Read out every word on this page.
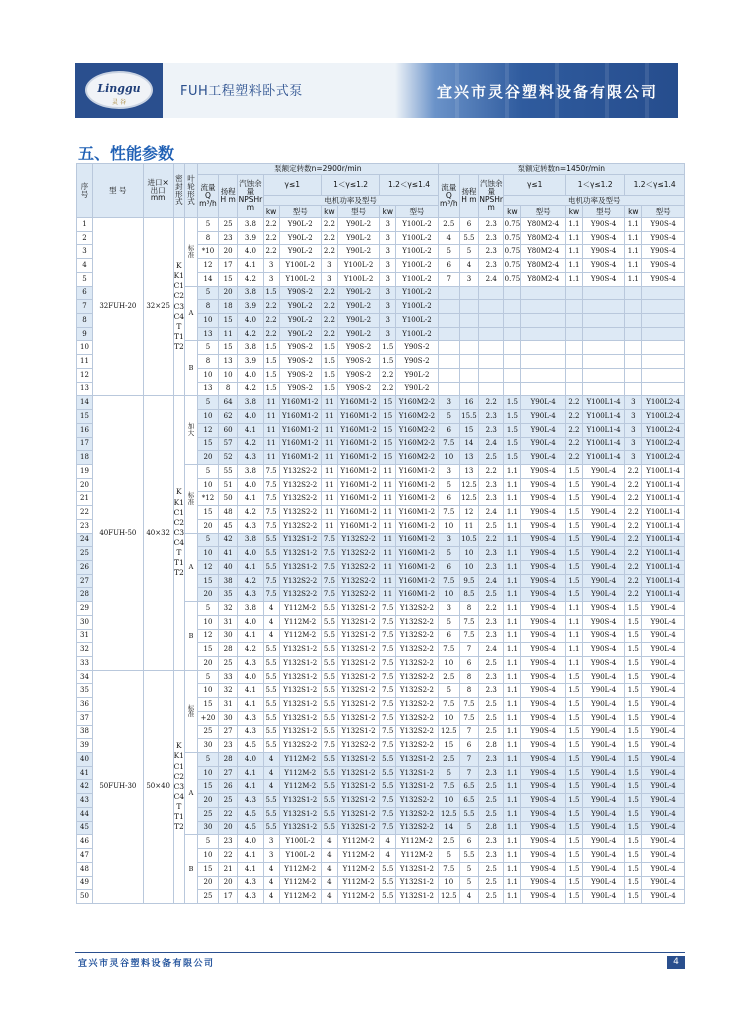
Linggu
灵 谷
FUH工程塑料卧式泵	宜兴市灵谷塑料设备有限公司
五、性能参数
序号	型 号	进口×出口mm	密封形式	叶轮形式	泵额定转数n=2900r/min									泵额定转数n=1450r/min								
					流量Q m³/h	扬程H m	汽蚀余量NPSHr m	γ≤1		1＜γ≤1.2		1.2＜γ≤1.4		流量Q m³/h	扬程H m	汽蚀余量NPSHr m	γ≤1		1＜γ≤1.2		1.2＜γ≤1.4	
								电机功率及型号									电机功率及型号					
								kw	型号	kw	型号	kw	型号				kw	型号	kw	型号	kw	型号
1	32FUH-20	32×25	K K1 C1 C2 C3 C4 T T1 T2	标准	5	25	3.8	2.2	Y90L-2	2.2	Y90L-2	3	Y100L-2	2.5	6	2.3	0.75	Y80M2-4	1.1	Y90S-4	1.1	Y90S-4
2					8	23	3.9	2.2	Y90L-2	2.2	Y90L-2	3	Y100L-2	4	5.5	2.3	0.75	Y80M2-4	1.1	Y90S-4	1.1	Y90S-4
3					*10	20	4.0	2.2	Y90L-2	2.2	Y90L-2	3	Y100L-2	5	5	2.3	0.75	Y80M2-4	1.1	Y90S-4	1.1	Y90S-4
4					12	17	4.1	3	Y100L-2	3	Y100L-2	3	Y100L-2	6	4	2.3	0.75	Y80M2-4	1.1	Y90S-4	1.1	Y90S-4
5					14	15	4.2	3	Y100L-2	3	Y100L-2	3	Y100L-2	7	3	2.4	0.75	Y80M2-4	1.1	Y90S-4	1.1	Y90S-4
6				A	5	20	3.8	1.5	Y90S-2	2.2	Y90L-2	3	Y100L-2									
7					8	18	3.9	2.2	Y90L-2	2.2	Y90L-2	3	Y100L-2									
8					10	15	4.0	2.2	Y90L-2	2.2	Y90L-2	3	Y100L-2									
9					13	11	4.2	2.2	Y90L-2	2.2	Y90L-2	3	Y100L-2									
10				B	5	15	3.8	1.5	Y90S-2	1.5	Y90S-2	1.5	Y90S-2									
11					8	13	3.9	1.5	Y90S-2	1.5	Y90S-2	1.5	Y90S-2									
12					10	10	4.0	1.5	Y90S-2	1.5	Y90S-2	2.2	Y90L-2									
13					13	8	4.2	1.5	Y90S-2	1.5	Y90S-2	2.2	Y90L-2									
14	40FUH-50	40×32	K K1 C1 C2 C3 C4 T T1 T2	加大	5	64	3.8	11	Y160M1-2	11	Y160M1-2	15	Y160M2-2	3	16	2.2	1.5	Y90L-4	2.2	Y100L1-4	3	Y100L2-4
15					10	62	4.0	11	Y160M1-2	11	Y160M1-2	15	Y160M2-2	5	15.5	2.3	1.5	Y90L-4	2.2	Y100L1-4	3	Y100L2-4
16					12	60	4.1	11	Y160M1-2	11	Y160M1-2	15	Y160M2-2	6	15	2.3	1.5	Y90L-4	2.2	Y100L1-4	3	Y100L2-4
17					15	57	4.2	11	Y160M1-2	11	Y160M1-2	15	Y160M2-2	7.5	14	2.4	1.5	Y90L-4	2.2	Y100L1-4	3	Y100L2-4
18					20	52	4.3	11	Y160M1-2	11	Y160M1-2	15	Y160M2-2	10	13	2.5	1.5	Y90L-4	2.2	Y100L1-4	3	Y100L2-4
19				标准	5	55	3.8	7.5	Y132S2-2	11	Y160M1-2	11	Y160M1-2	3	13	2.2	1.1	Y90S-4	1.5	Y90L-4	2.2	Y100L1-4
20					10	51	4.0	7.5	Y132S2-2	11	Y160M1-2	11	Y160M1-2	5	12.5	2.3	1.1	Y90S-4	1.5	Y90L-4	2.2	Y100L1-4
21					*12	50	4.1	7.5	Y132S2-2	11	Y160M1-2	11	Y160M1-2	6	12.5	2.3	1.1	Y90S-4	1.5	Y90L-4	2.2	Y100L1-4
22					15	48	4.2	7.5	Y132S2-2	11	Y160M1-2	11	Y160M1-2	7.5	12	2.4	1.1	Y90S-4	1.5	Y90L-4	2.2	Y100L1-4
23					20	45	4.3	7.5	Y132S2-2	11	Y160M1-2	11	Y160M1-2	10	11	2.5	1.1	Y90S-4	1.5	Y90L-4	2.2	Y100L1-4
24				A	5	42	3.8	5.5	Y132S1-2	7.5	Y132S2-2	11	Y160M1-2	3	10.5	2.2	1.1	Y90S-4	1.5	Y90L-4	2.2	Y100L1-4
25					10	41	4.0	5.5	Y132S1-2	7.5	Y132S2-2	11	Y160M1-2	5	10	2.3	1.1	Y90S-4	1.5	Y90L-4	2.2	Y100L1-4
26					12	40	4.1	5.5	Y132S1-2	7.5	Y132S2-2	11	Y160M1-2	6	10	2.3	1.1	Y90S-4	1.5	Y90L-4	2.2	Y100L1-4
27					15	38	4.2	7.5	Y132S2-2	7.5	Y132S2-2	11	Y160M1-2	7.5	9.5	2.4	1.1	Y90S-4	1.5	Y90L-4	2.2	Y100L1-4
28					20	35	4.3	7.5	Y132S2-2	7.5	Y132S2-2	11	Y160M1-2	10	8.5	2.5	1.1	Y90S-4	1.5	Y90L-4	2.2	Y100L1-4
29				B	5	32	3.8	4	Y112M-2	5.5	Y132S1-2	7.5	Y132S2-2	3	8	2.2	1.1	Y90S-4	1.1	Y90S-4	1.5	Y90L-4
30					10	31	4.0	4	Y112M-2	5.5	Y132S1-2	7.5	Y132S2-2	5	7.5	2.3	1.1	Y90S-4	1.1	Y90S-4	1.5	Y90L-4
31					12	30	4.1	4	Y112M-2	5.5	Y132S1-2	7.5	Y132S2-2	6	7.5	2.3	1.1	Y90S-4	1.1	Y90S-4	1.5	Y90L-4
32					15	28	4.2	5.5	Y132S1-2	5.5	Y132S1-2	7.5	Y132S2-2	7.5	7	2.4	1.1	Y90S-4	1.1	Y90S-4	1.5	Y90L-4
33					20	25	4.3	5.5	Y132S1-2	5.5	Y132S1-2	7.5	Y132S2-2	10	6	2.5	1.1	Y90S-4	1.1	Y90S-4	1.5	Y90L-4
34	50FUH-30	50×40	K K1 C1 C2 C3 C4 T T1 T2	标准	5	33	4.0	5.5	Y132S1-2	5.5	Y132S1-2	7.5	Y132S2-2	2.5	8	2.3	1.1	Y90S-4	1.5	Y90L-4	1.5	Y90L-4
35					10	32	4.1	5.5	Y132S1-2	5.5	Y132S1-2	7.5	Y132S2-2	5	8	2.3	1.1	Y90S-4	1.5	Y90L-4	1.5	Y90L-4
36					15	31	4.1	5.5	Y132S1-2	5.5	Y132S1-2	7.5	Y132S2-2	7.5	7.5	2.5	1.1	Y90S-4	1.5	Y90L-4	1.5	Y90L-4
37					+20	30	4.3	5.5	Y132S1-2	5.5	Y132S1-2	7.5	Y132S2-2	10	7.5	2.5	1.1	Y90S-4	1.5	Y90L-4	1.5	Y90L-4
38					25	27	4.3	5.5	Y132S1-2	5.5	Y132S1-2	7.5	Y132S2-2	12.5	7	2.5	1.1	Y90S-4	1.5	Y90L-4	1.5	Y90L-4
39					30	23	4.5	5.5	Y132S2-2	7.5	Y132S2-2	7.5	Y132S2-2	15	6	2.8	1.1	Y90S-4	1.5	Y90L-4	1.5	Y90L-4
40				A	5	28	4.0	4	Y112M-2	5.5	Y132S1-2	5.5	Y132S1-2	2.5	7	2.3	1.1	Y90S-4	1.5	Y90L-4	1.5	Y90L-4
41					10	27	4.1	4	Y112M-2	5.5	Y132S1-2	5.5	Y132S1-2	5	7	2.3	1.1	Y90S-4	1.5	Y90L-4	1.5	Y90L-4
42					15	26	4.1	4	Y112M-2	5.5	Y132S1-2	5.5	Y132S1-2	7.5	6.5	2.5	1.1	Y90S-4	1.5	Y90L-4	1.5	Y90L-4
43					20	25	4.3	5.5	Y132S1-2	5.5	Y132S1-2	7.5	Y132S2-2	10	6.5	2.5	1.1	Y90S-4	1.5	Y90L-4	1.5	Y90L-4
44					25	22	4.5	5.5	Y132S1-2	5.5	Y132S1-2	7.5	Y132S2-2	12.5	5.5	2.5	1.1	Y90S-4	1.5	Y90L-4	1.5	Y90L-4
45					30	20	4.5	5.5	Y132S1-2	5.5	Y132S1-2	7.5	Y132S2-2	14	5	2.8	1.1	Y90S-4	1.5	Y90L-4	1.5	Y90L-4
46				B	5	23	4.0	3	Y100L-2	4	Y112M-2	4	Y112M-2	2.5	6	2.3	1.1	Y90S-4	1.5	Y90L-4	1.5	Y90L-4
47					10	22	4.1	3	Y100L-2	4	Y112M-2	4	Y112M-2	5	5.5	2.3	1.1	Y90S-4	1.5	Y90L-4	1.5	Y90L-4
48					15	21	4.1	4	Y112M-2	4	Y112M-2	5.5	Y132S1-2	7.5	5	2.5	1.1	Y90S-4	1.5	Y90L-4	1.5	Y90L-4
49					20	20	4.3	4	Y112M-2	4	Y112M-2	5.5	Y132S1-2	10	5	2.5	1.1	Y90S-4	1.5	Y90L-4	1.5	Y90L-4
50					25	17	4.3	4	Y112M-2	4	Y112M-2	5.5	Y132S1-2	12.5	4	2.5	1.1	Y90S-4	1.5	Y90L-4	1.5	Y90L-4
宜兴市灵谷塑料设备有限公司	4
